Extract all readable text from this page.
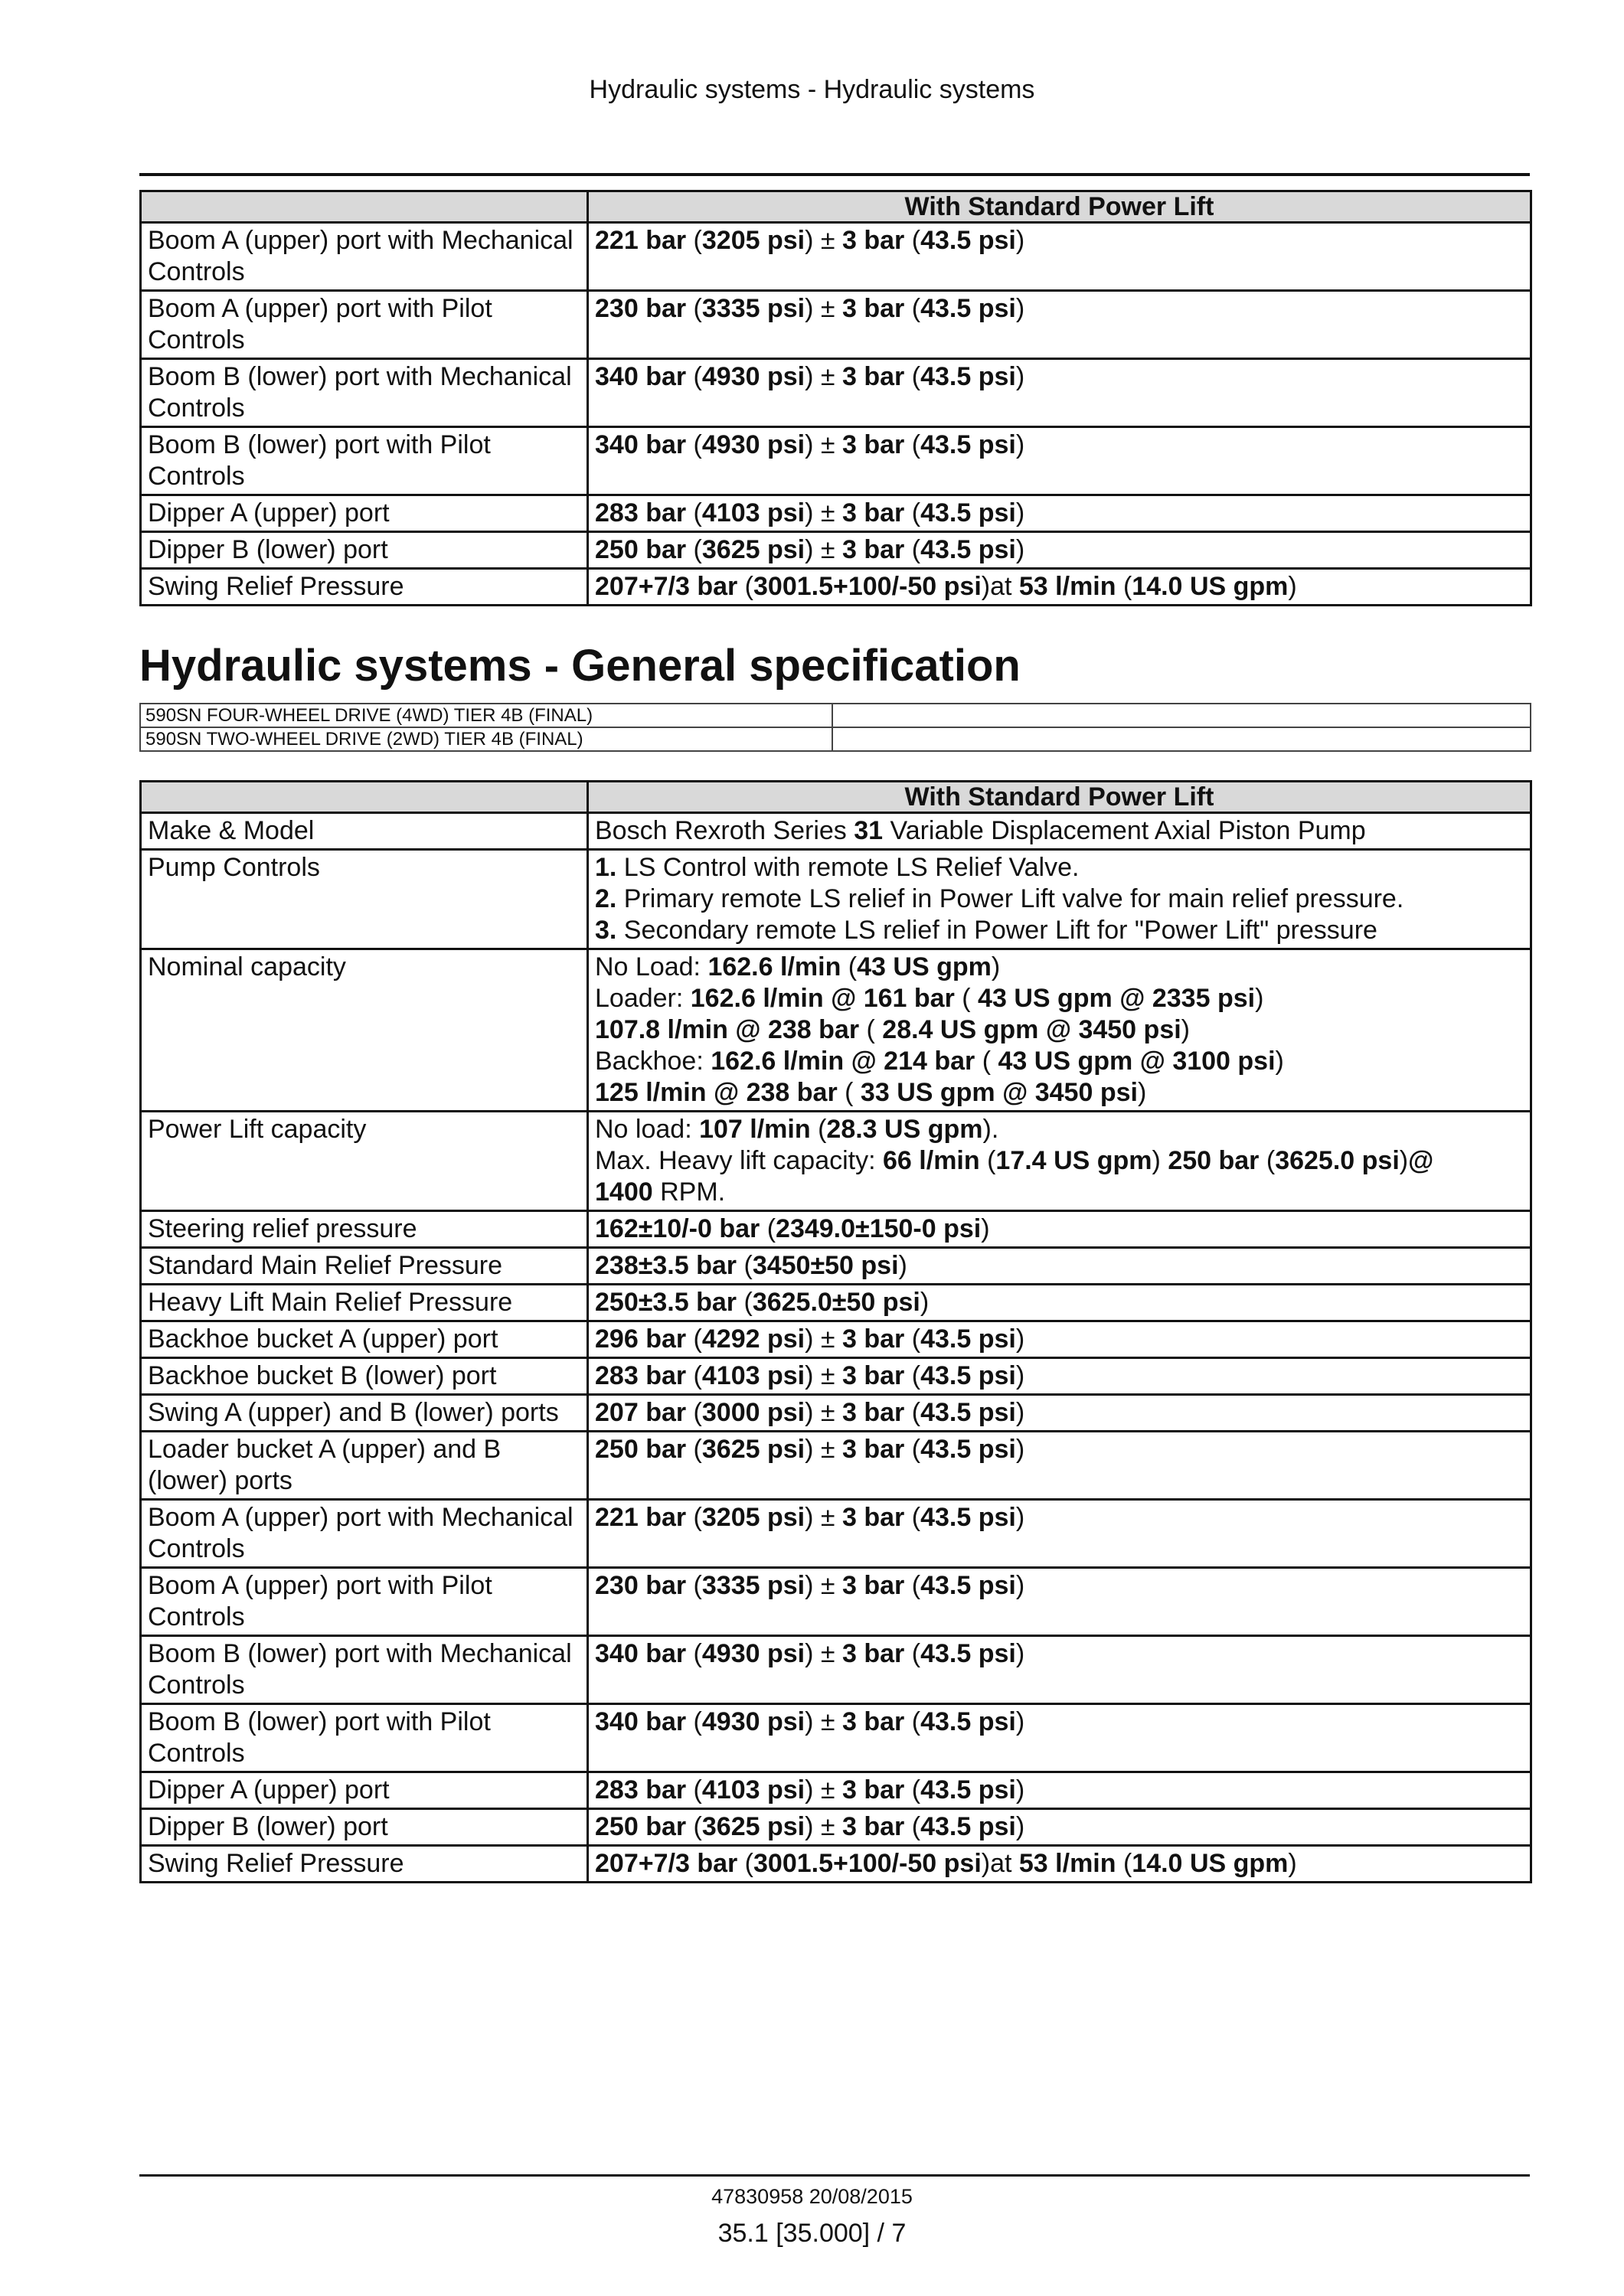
Hydraulic systems - Hydraulic systems
	With Standard Power Lift
Boom A (upper) port with Mechanical Controls	221 bar (3205 psi) ± 3 bar (43.5 psi)
Boom A (upper) port with Pilot Controls	230 bar (3335 psi) ± 3 bar (43.5 psi)
Boom B (lower) port with Mechanical Controls	340 bar (4930 psi) ± 3 bar (43.5 psi)
Boom B (lower) port with Pilot Controls	340 bar (4930 psi) ± 3 bar (43.5 psi)
Dipper A (upper) port	283 bar (4103 psi) ± 3 bar (43.5 psi)
Dipper B (lower) port	250 bar (3625 psi) ± 3 bar (43.5 psi)
Swing Relief Pressure	207+7/3 bar (3001.5+100/-50 psi)at 53 l/min (14.0 US gpm)
Hydraulic systems - General specification
590SN FOUR-WHEEL DRIVE (4WD) TIER 4B (FINAL)	
590SN TWO-WHEEL DRIVE (2WD) TIER 4B (FINAL)	
	With Standard Power Lift
Make & Model	Bosch Rexroth Series 31 Variable Displacement Axial Piston Pump

Pump Controls	1. LS Control with remote LS Relief Valve.
2. Primary remote LS relief in Power Lift valve for main relief pressure.
3. Secondary remote LS relief in Power Lift for "Power Lift" pressure

Nominal capacity	No Load: 162.6 l/min (43 US gpm)
Loader: 162.6 l/min @ 161 bar ( 43 US gpm @ 2335 psi)
107.8 l/min @ 238 bar ( 28.4 US gpm @ 3450 psi)
Backhoe: 162.6 l/min @ 214 bar ( 43 US gpm @ 3100 psi)
125 l/min @ 238 bar ( 33 US gpm @ 3450 psi)

Power Lift capacity	No load: 107 l/min (28.3 US gpm).
Max. Heavy lift capacity: 66 l/min (17.4 US gpm) 250 bar (3625.0 psi)@
1400 RPM.

Steering relief pressure	162±10/-0 bar (2349.0±150-0 psi)

Standard Main Relief Pressure	238±3.5 bar (3450±50 psi)

Heavy Lift Main Relief Pressure	250±3.5 bar (3625.0±50 psi)

Backhoe bucket A (upper) port	296 bar (4292 psi) ± 3 bar (43.5 psi)

Backhoe bucket B (lower) port	283 bar (4103 psi) ± 3 bar (43.5 psi)

Swing A (upper) and B (lower) ports	207 bar (3000 psi) ± 3 bar (43.5 psi)

Loader bucket A (upper) and B (lower) ports	250 bar (3625 psi) ± 3 bar (43.5 psi)

Boom A (upper) port with Mechanical Controls	221 bar (3205 psi) ± 3 bar (43.5 psi)

Boom A (upper) port with Pilot Controls	230 bar (3335 psi) ± 3 bar (43.5 psi)

Boom B (lower) port with Mechanical Controls	340 bar (4930 psi) ± 3 bar (43.5 psi)

Boom B (lower) port with Pilot Controls	340 bar (4930 psi) ± 3 bar (43.5 psi)

Dipper A (upper) port	283 bar (4103 psi) ± 3 bar (43.5 psi)

Dipper B (lower) port	250 bar (3625 psi) ± 3 bar (43.5 psi)

Swing Relief Pressure	207+7/3 bar (3001.5+100/-50 psi)at 53 l/min (14.0 US gpm)
47830958 20/08/2015
35.1 [35.000] / 7
